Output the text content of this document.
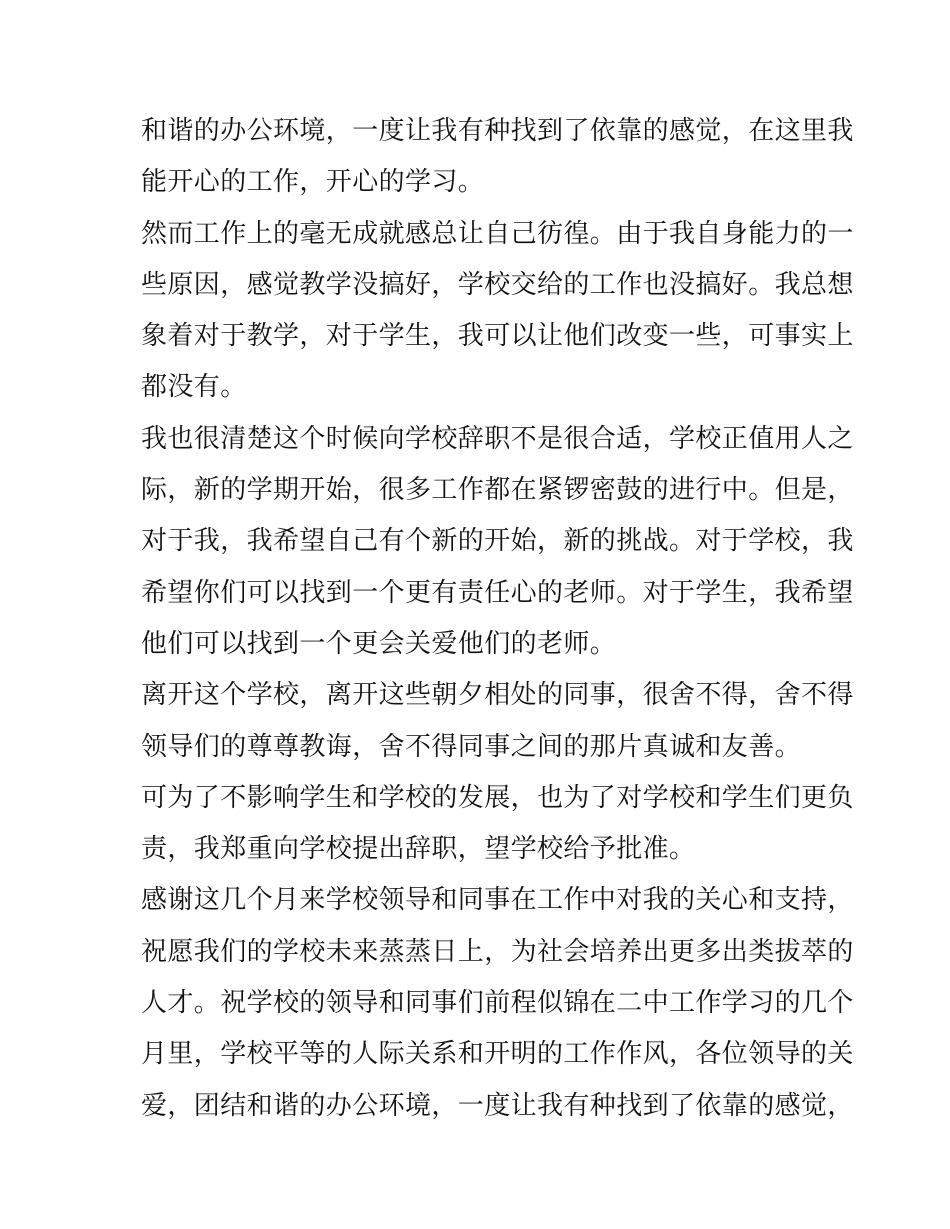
和谐的办公环境，一度让我有种找到了依靠的感觉，在这里我
能开心的工作，开心的学习。
然而工作上的毫无成就感总让自己彷徨。由于我自身能力的一
些原因，感觉教学没搞好，学校交给的工作也没搞好。我总想
象着对于教学，对于学生，我可以让他们改变一些，可事实上
都没有。
我也很清楚这个时候向学校辞职不是很合适，学校正值用人之
际，新的学期开始，很多工作都在紧锣密鼓的进行中。但是，
对于我，我希望自己有个新的开始，新的挑战。对于学校，我
希望你们可以找到一个更有责任心的老师。对于学生，我希望
他们可以找到一个更会关爱他们的老师。
离开这个学校，离开这些朝夕相处的同事，很舍不得，舍不得
领导们的尊尊教诲，舍不得同事之间的那片真诚和友善。
可为了不影响学生和学校的发展，也为了对学校和学生们更负
责，我郑重向学校提出辞职，望学校给予批准。
感谢这几个月来学校领导和同事在工作中对我的关心和支持，
祝愿我们的学校未来蒸蒸日上，为社会培养出更多出类拔萃的
人才。祝学校的领导和同事们前程似锦在二中工作学习的几个
月里，学校平等的人际关系和开明的工作作风，各位领导的关
爱，团结和谐的办公环境，一度让我有种找到了依靠的感觉，
